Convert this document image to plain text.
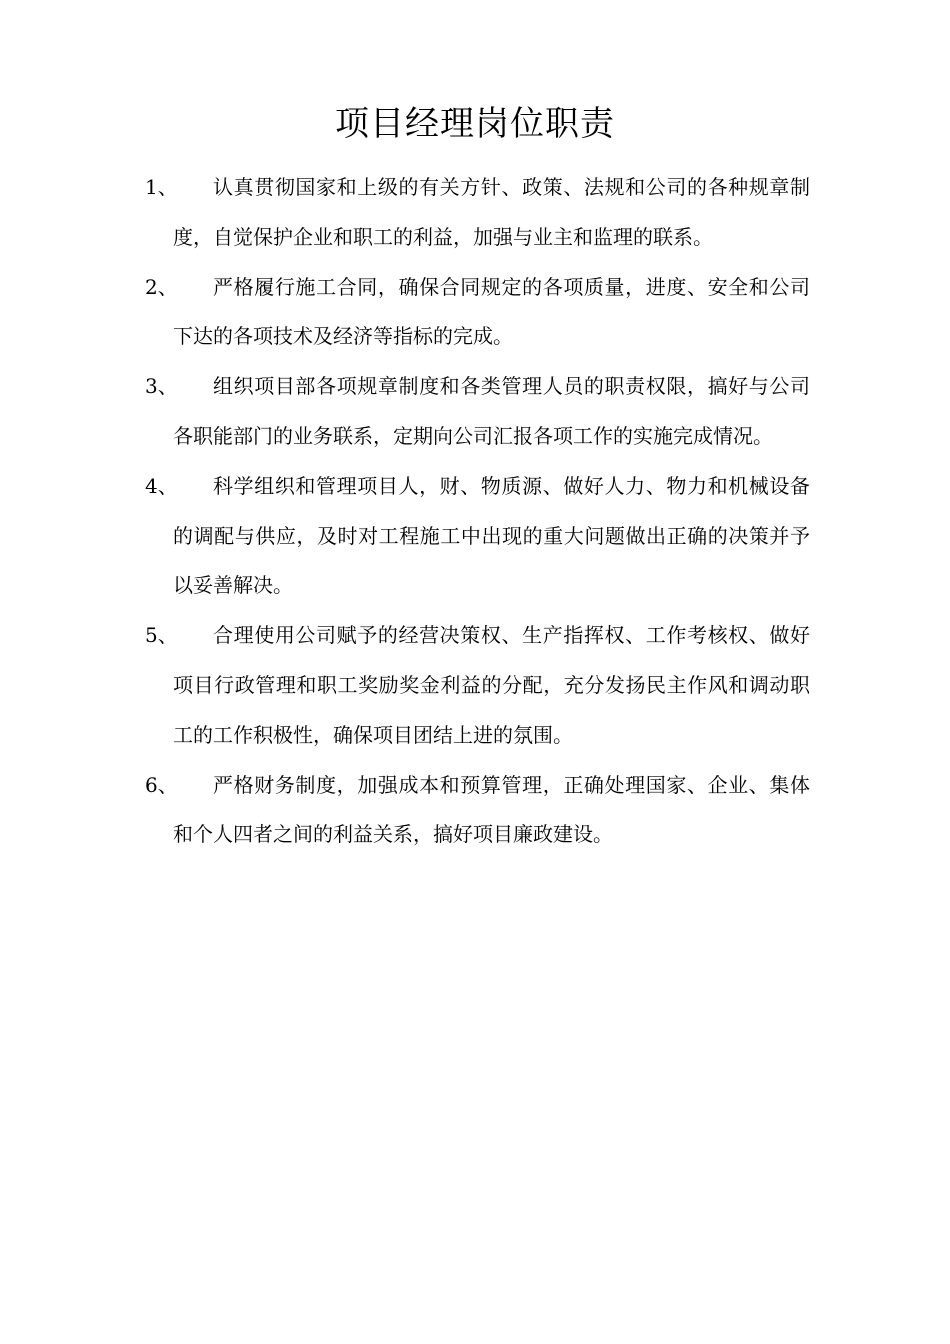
项目经理岗位职责
1、	认真贯彻国家和上级的有关方针、政策、法规和公司的各种规章制度，自觉保护企业和职工的利益，加强与业主和监理的联系。
2、	严格履行施工合同，确保合同规定的各项质量，进度、安全和公司下达的各项技术及经济等指标的完成。
3、	组织项目部各项规章制度和各类管理人员的职责权限，搞好与公司各职能部门的业务联系，定期向公司汇报各项工作的实施完成情况。
4、	科学组织和管理项目人，财、物质源、做好人力、物力和机械设备的调配与供应，及时对工程施工中出现的重大问题做出正确的决策并予以妥善解决。
5、	合理使用公司赋予的经营决策权、生产指挥权、工作考核权、做好项目行政管理和职工奖励奖金利益的分配，充分发扬民主作风和调动职工的工作积极性，确保项目团结上进的氛围。
6、	严格财务制度，加强成本和预算管理，正确处理国家、企业、集体和个人四者之间的利益关系，搞好项目廉政建设。
